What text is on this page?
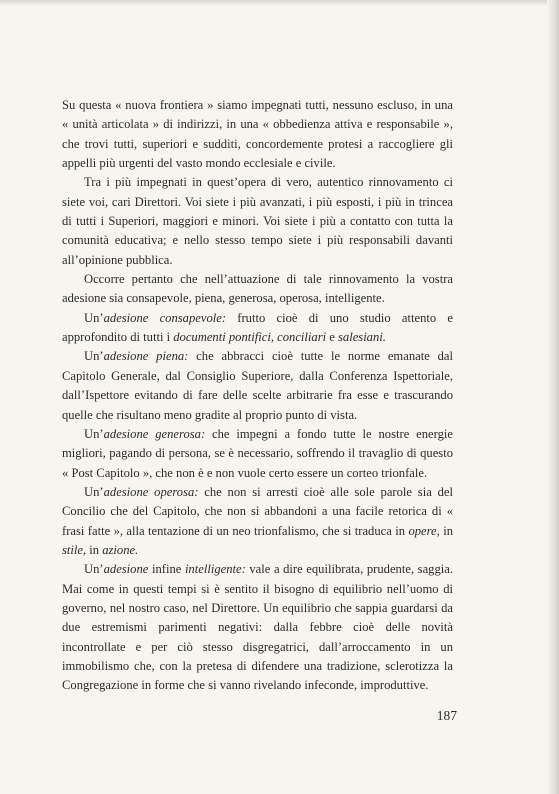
Su questa « nuova frontiera » siamo impegnati tutti, nessuno escluso, in una « unità articolata » di indirizzi, in una « obbedienza attiva e responsabile », che trovi tutti, superiori e sudditi, concordemente protesi a raccogliere gli appelli più urgenti del vasto mondo ecclesiale e civile.

Tra i più impegnati in quest’opera di vero, autentico rinnovamento ci siete voi, cari Direttori. Voi siete i più avanzati, i più esposti, i più in trincea di tutti i Superiori, maggiori e minori. Voi siete i più a contatto con tutta la comunità educativa; e nello stesso tempo siete i più responsabili davanti all’opinione pubblica.

Occorre pertanto che nell’attuazione di tale rinnovamento la vostra adesione sia consapevole, piena, generosa, operosa, intelligente.

Un’adesione consapevole: frutto cioè di uno studio attento e approfondito di tutti i documenti pontifici, conciliari e salesiani.

Un’adesione piena: che abbracci cioè tutte le norme emanate dal Capitolo Generale, dal Consiglio Superiore, dalla Conferenza Ispettoriale, dall’Ispettore evitando di fare delle scelte arbitrarie fra esse e trascurando quelle che risultano meno gradite al proprio punto di vista.

Un’adesione generosa: che impegni a fondo tutte le nostre energie migliori, pagando di persona, se è necessario, soffrendo il travaglio di questo « Post Capitolo », che non è e non vuole certo essere un corteo trionfale.

Un’adesione operosa: che non si arresti cioè alle sole parole sia del Concilio che del Capitolo, che non si abbandoni a una facile retorica di « frasi fatte », alla tentazione di un neo trionfalismo, che si traduca in opere, in stile, in azione.

Un’adesione infine intelligente: vale a dire equilibrata, prudente, saggia. Mai come in questi tempi si è sentito il bisogno di equilibrio nell’uomo di governo, nel nostro caso, nel Direttore. Un equilibrio che sappia guardarsi da due estremismi parimenti negativi: dalla febbre cioè delle novità incontrollate e per ciò stesso disgregatrici, dall’arroccamento in un immobilismo che, con la pretesa di difendere una tradizione, sclerotizza la Congregazione in forme che si vanno rivelando infeconde, improduttive.

187
